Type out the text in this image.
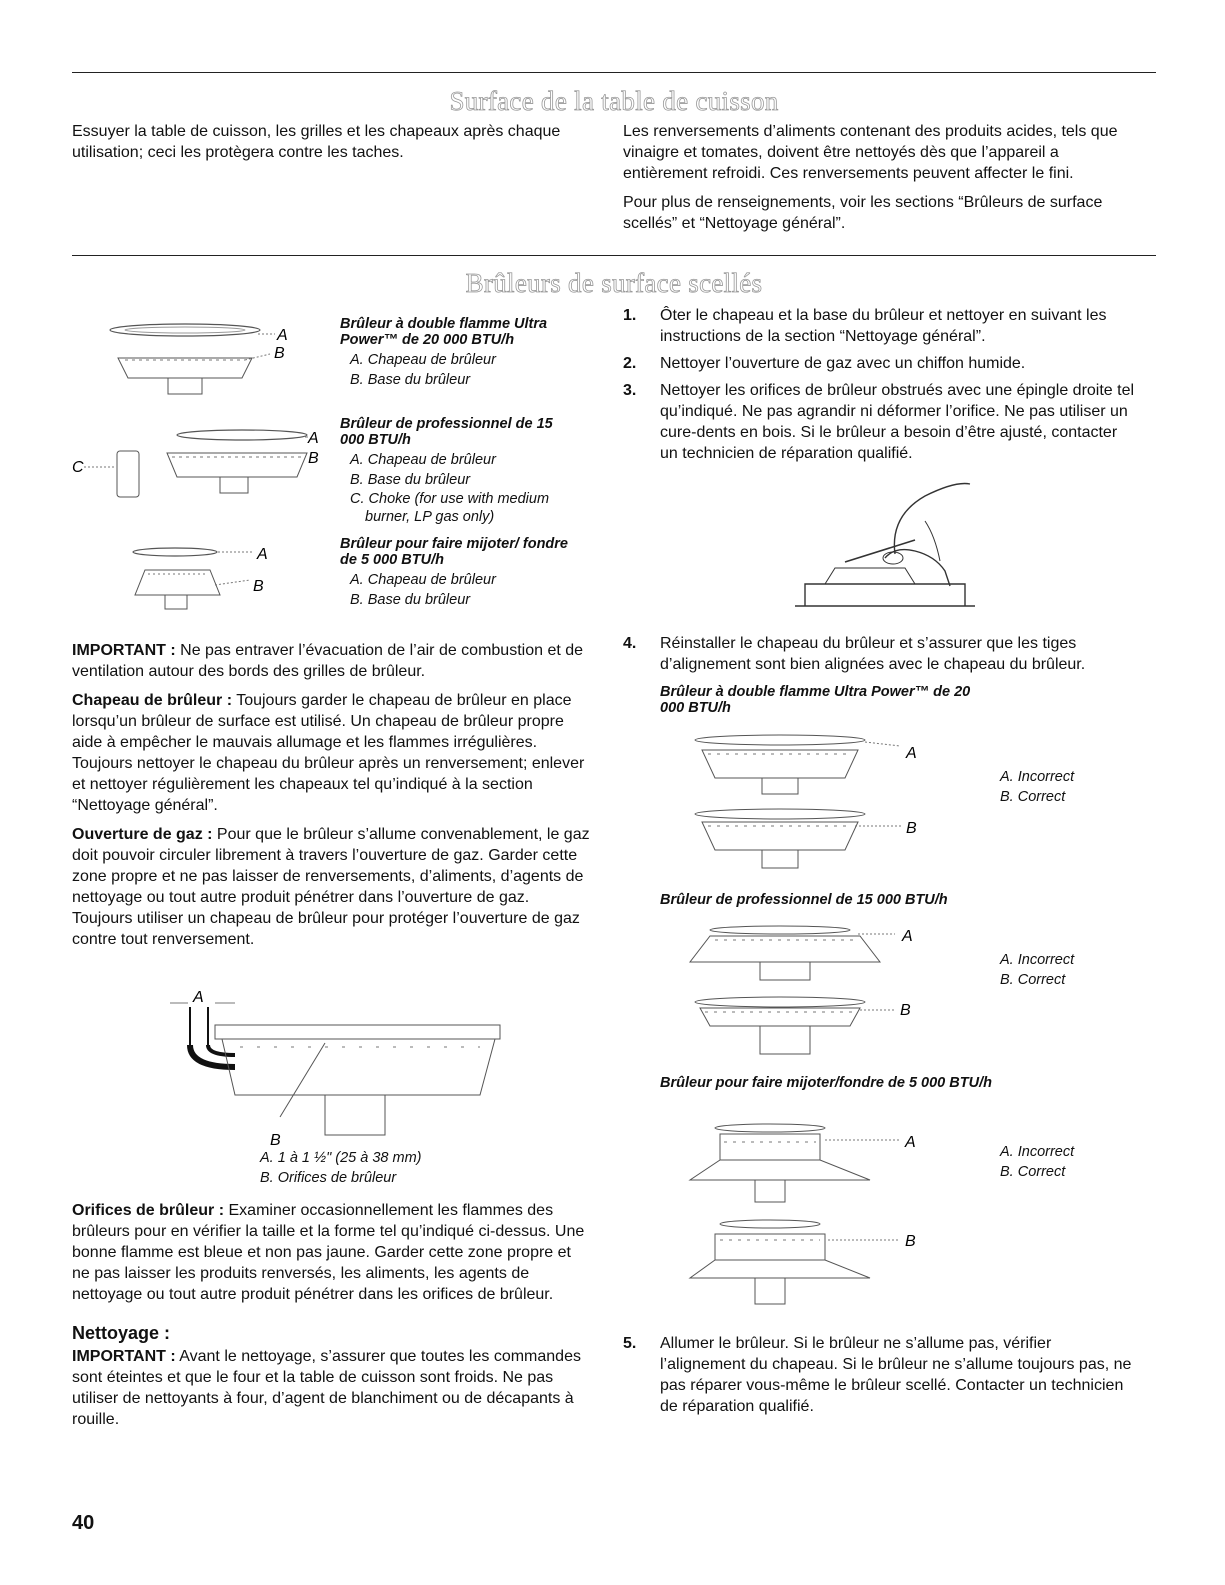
Surface de la table de cuisson

Essuyer la table de cuisson, les grilles et les chapeaux après chaque utilisation; ceci les protègera contre les taches.

Les renversements d’aliments contenant des produits acides, tels que vinaigre et tomates, doivent être nettoyés dès que l’appareil a entièrement refroidi. Ces renversements peuvent affecter le fini.

Pour plus de renseignements, voir les sections “Brûleurs de surface scellés” et “Nettoyage général”.

Brûleurs de surface scellés
A
B

Brûleur à double flamme Ultra Power™ de 20 000 BTU/h

A. Chapeau de brûleur

B. Base du brûleur

C
A
B

Brûleur de professionnel de 15 000 BTU/h

A. Chapeau de brûleur

B. Base du brûleur

C. Choke (for use with medium burner, LP gas only)

A
B

Brûleur pour faire mijoter/ fondre de 5 000 BTU/h

A. Chapeau de brûleur

B. Base du brûleur

IMPORTANT : Ne pas entraver l’évacuation de l’air de combustion et de ventilation autour des bords des grilles de brûleur.

Chapeau de brûleur : Toujours garder le chapeau de brûleur en place lorsqu’un brûleur de surface est utilisé. Un chapeau de brûleur propre aide à empêcher le mauvais allumage et les flammes irrégulières. Toujours nettoyer le chapeau du brûleur après un renversement; enlever et nettoyer régulièrement les chapeaux tel qu’indiqué à la section “Nettoyage général”.

Ouverture de gaz : Pour que le brûleur s’allume convenablement, le gaz doit pouvoir circuler librement à travers l’ouverture de gaz. Garder cette zone propre et ne pas laisser de renversements, d’aliments, d’agents de nettoyage ou tout autre produit pénétrer dans l’ouverture de gaz. Toujours utiliser un chapeau de brûleur pour protéger l’ouverture de gaz contre tout renversement.

A
B

A. 1 à 1 ½" (25 à 38 mm)

B. Orifices de brûleur

Orifices de brûleur : Examiner occasionnellement les flammes des brûleurs pour en vérifier la taille et la forme tel qu’indiqué ci-dessus. Une bonne flamme est bleue et non pas jaune. Garder cette zone propre et ne pas laisser les produits renversés, les aliments, les agents de nettoyage ou tout autre produit pénétrer dans les orifices de brûleur.

Nettoyage :

IMPORTANT : Avant le nettoyage, s’assurer que toutes les commandes sont éteintes et que le four et la table de cuisson sont froids. Ne pas utiliser de nettoyants à four, d’agent de blanchiment ou de décapants à rouille.

1. Ôter le chapeau et la base du brûleur et nettoyer en suivant les instructions de la section “Nettoyage général”.
2. Nettoyer l’ouverture de gaz avec un chiffon humide.
3. Nettoyer les orifices de brûleur obstrués avec une épingle droite tel qu’indiqué. Ne pas agrandir ni déformer l’orifice. Ne pas utiliser un cure-dents en bois. Si le brûleur a besoin d’être ajusté, contacter un technicien de réparation qualifié.
4. Réinstaller le chapeau du brûleur et s’assurer que les tiges d’alignement sont bien alignées avec le chapeau du brûleur.

Brûleur à double flamme Ultra Power™ de 20 000 BTU/h

A
B

A. Incorrect

B. Correct

Brûleur de professionnel de 15 000 BTU/h

A
B

A. Incorrect

B. Correct

Brûleur pour faire mijoter/fondre de 5 000 BTU/h

A
B

A. Incorrect

B. Correct

5. Allumer le brûleur. Si le brûleur ne s’allume pas, vérifier l’alignement du chapeau. Si le brûleur ne s’allume toujours pas, ne pas réparer vous-même le brûleur scellé. Contacter un technicien de réparation qualifié.
40
